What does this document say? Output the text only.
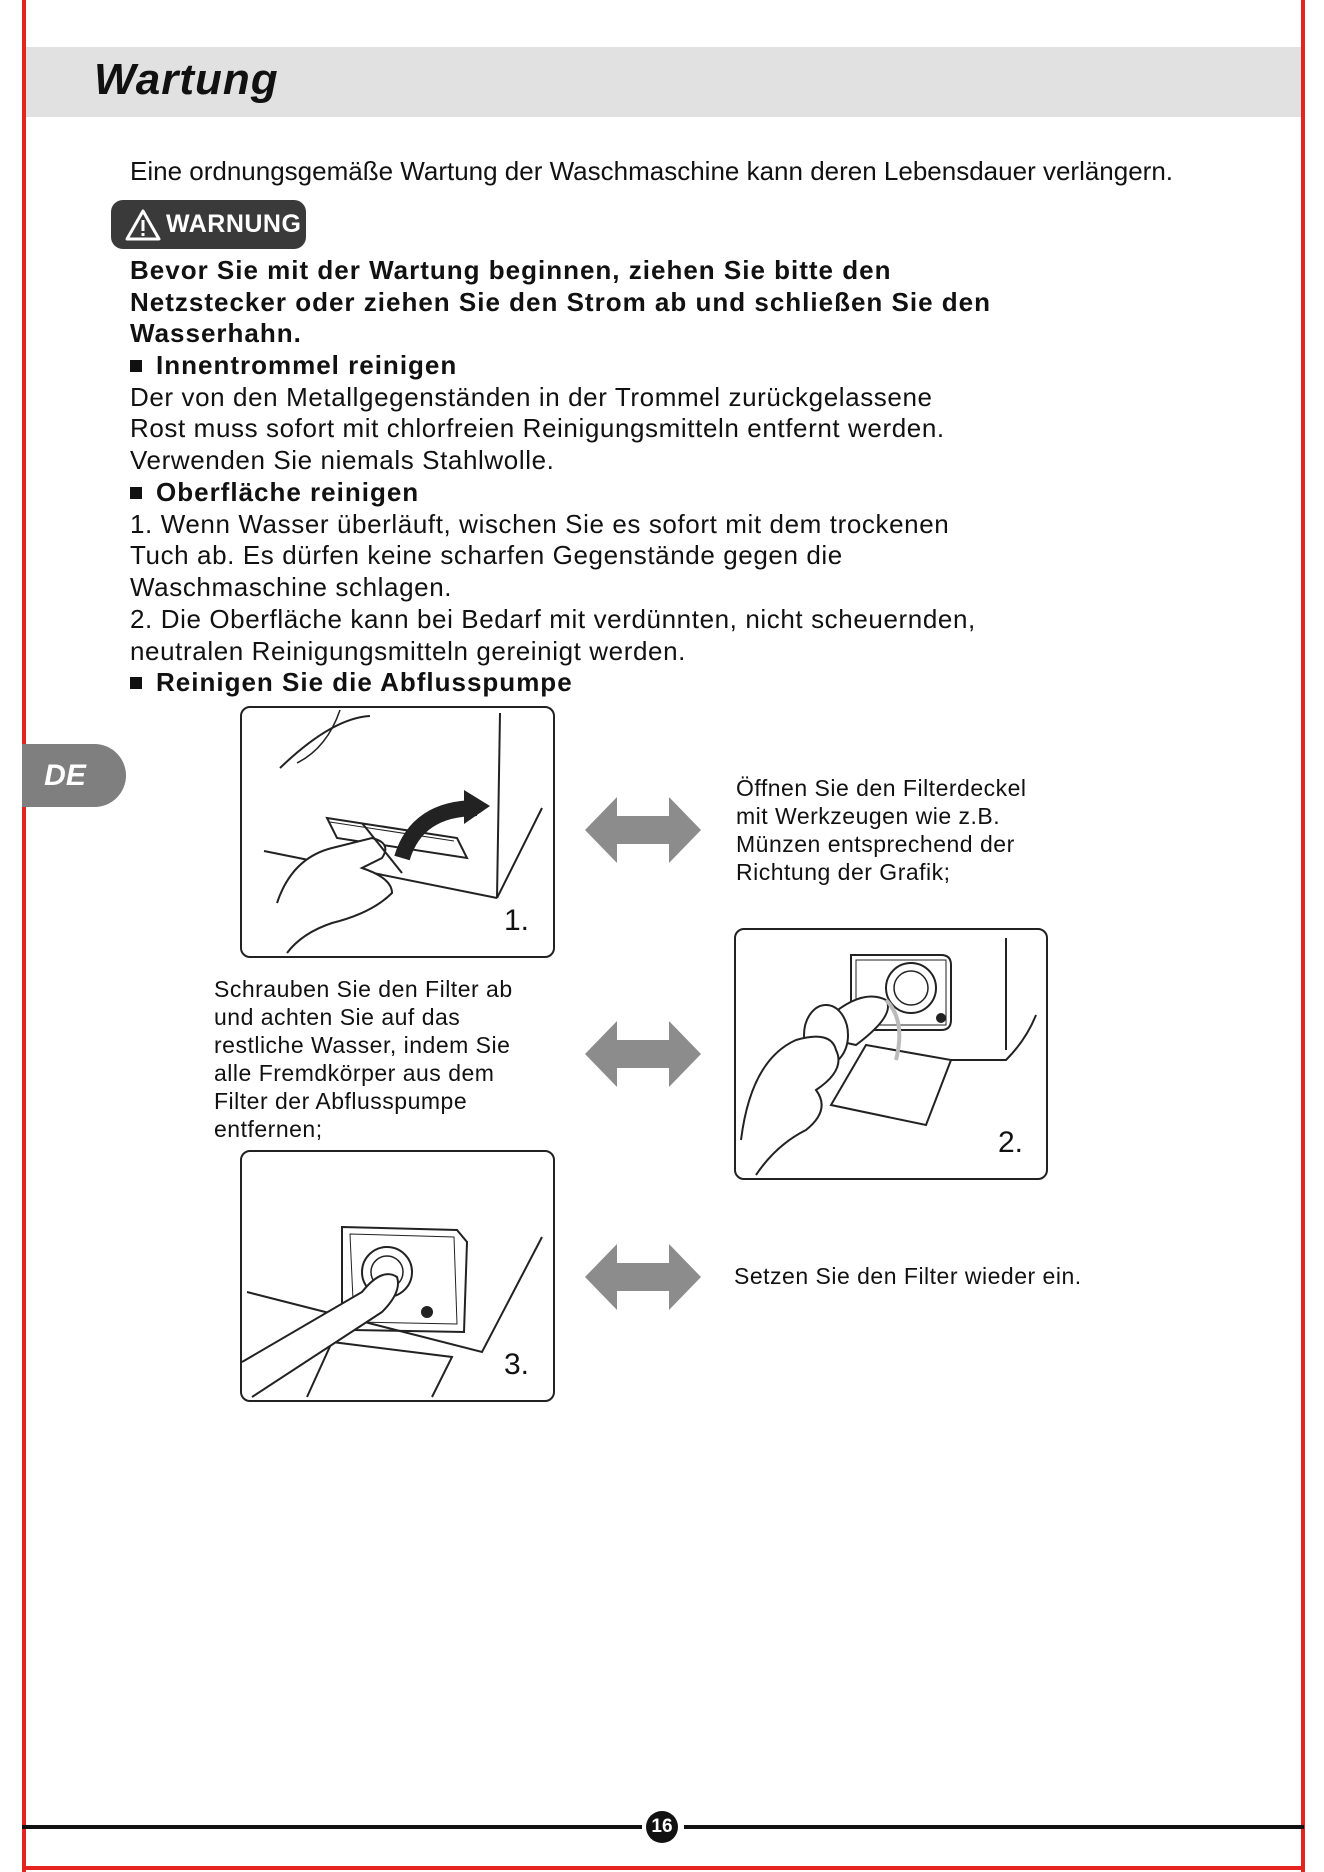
Wartung
Eine ordnungsgemäße Wartung der Waschmaschine kann deren Lebensdauer verlängern.
WARNUNG
Bevor Sie mit der Wartung beginnen, ziehen Sie bitte den
Netzstecker oder ziehen Sie den Strom ab und schließen Sie den
Wasserhahn.
Innentrommel reinigen
Der von den Metallgegenständen in der Trommel zurückgelassene
Rost muss sofort mit chlorfreien Reinigungsmitteln entfernt werden.
Verwenden Sie niemals Stahlwolle.
Oberfläche reinigen
1. Wenn Wasser überläuft, wischen Sie es sofort mit dem trockenen
Tuch ab. Es dürfen keine scharfen Gegenstände gegen die
Waschmaschine schlagen.
2. Die Oberfläche kann bei Bedarf mit verdünnten, nicht scheuernden,
neutralen Reinigungsmitteln gereinigt werden.
Reinigen Sie die Abflusspumpe
DE
1.
2.
3.
Öffnen Sie den Filterdeckel
mit Werkzeugen wie z.B.
Münzen entsprechend der
Richtung der Grafik;
Schrauben Sie den Filter ab
und achten Sie auf das
restliche Wasser, indem Sie
alle Fremdkörper aus dem
Filter der Abflusspumpe
entfernen;
Setzen Sie den Filter wieder ein.
16
